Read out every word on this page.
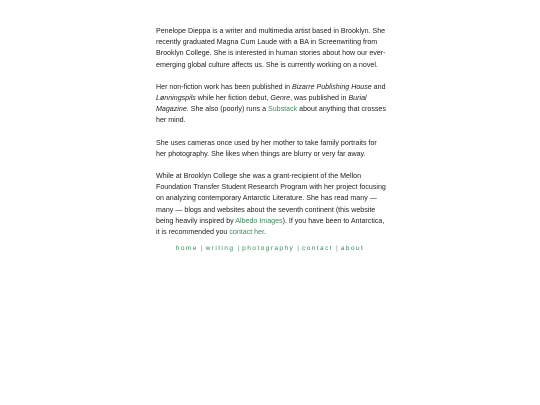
Penelope Dieppa is a writer and multimedia artist based in Brooklyn. She recently graduated Magna Cum Laude with a BA in Screenwriting from Brooklyn College. She is interested in human stories about how our ever-emerging global culture affects us. She is currently working on a novel.

Her non-fiction work has been published in Bizarre Publishing House and Lønningspils while her fiction debut, Genre, was published in Burial Magazine. She also (poorly) runs a Substack about anything that crosses her mind.

She uses cameras once used by her mother to take family portraits for her photography. She likes when things are blurry or very far away.

While at Brooklyn College she was a grant-recipient of the Mellon Foundation Transfer Student Research Program with her project focusing on analyzing contemporary Antarctic Literature. She has read many — many — blogs and websites about the seventh continent (this website being heavily inspired by Albedo Images). If you have been to Antarctica, it is recommended you contact her.

home | writing | photography | contact | about
